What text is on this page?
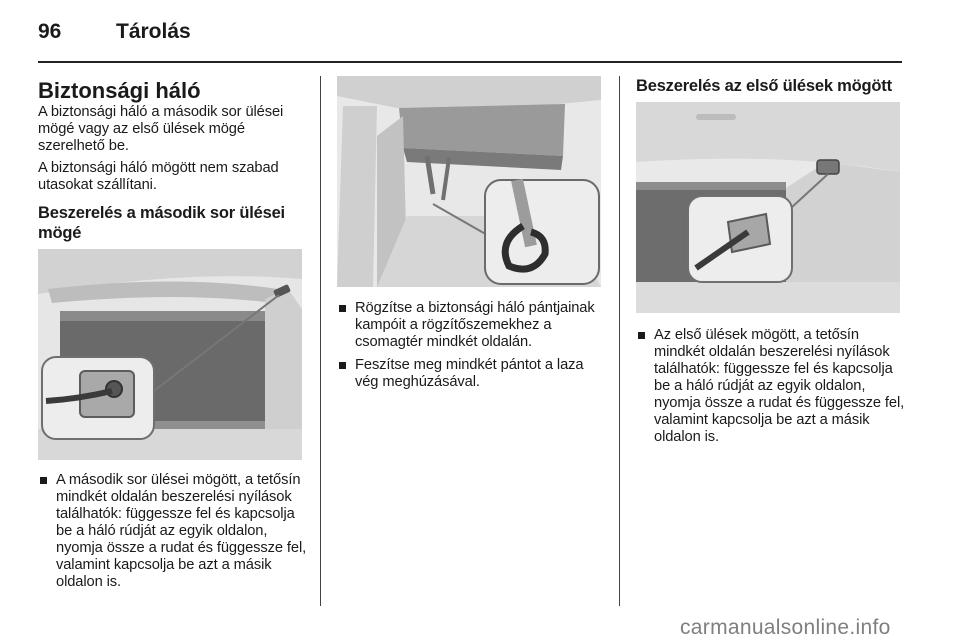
96	Tárolás
Biztonsági háló

A biztonsági háló a második sor ülései mögé vagy az első ülések mögé szerelhető be.

A biztonsági háló mögött nem szabad utasokat szállítani.

Beszerelés a második sor ülései mögé
A második sor ülései mögött, a tetősín mindkét oldalán beszerelési nyílások találhatók: függessze fel és kapcsolja be a háló rúdját az egyik oldalon, nyomja össze a rudat és függessze fel, valamint kapcsolja be azt a másik oldalon is.
Rögzítse a biztonsági háló pántjainak kampóit a rögzítőszemekhez a csomagtér mindkét oldalán.
Feszítse meg mindkét pántot a laza vég meghúzásával.
Beszerelés az első ülések mögött
Az első ülések mögött, a tetősín mindkét oldalán beszerelési nyílások találhatók: függessze fel és kapcsolja be a háló rúdját az egyik oldalon, nyomja össze a rudat és függessze fel, valamint kapcsolja be azt a másik oldalon is.
carmanualsonline.info
